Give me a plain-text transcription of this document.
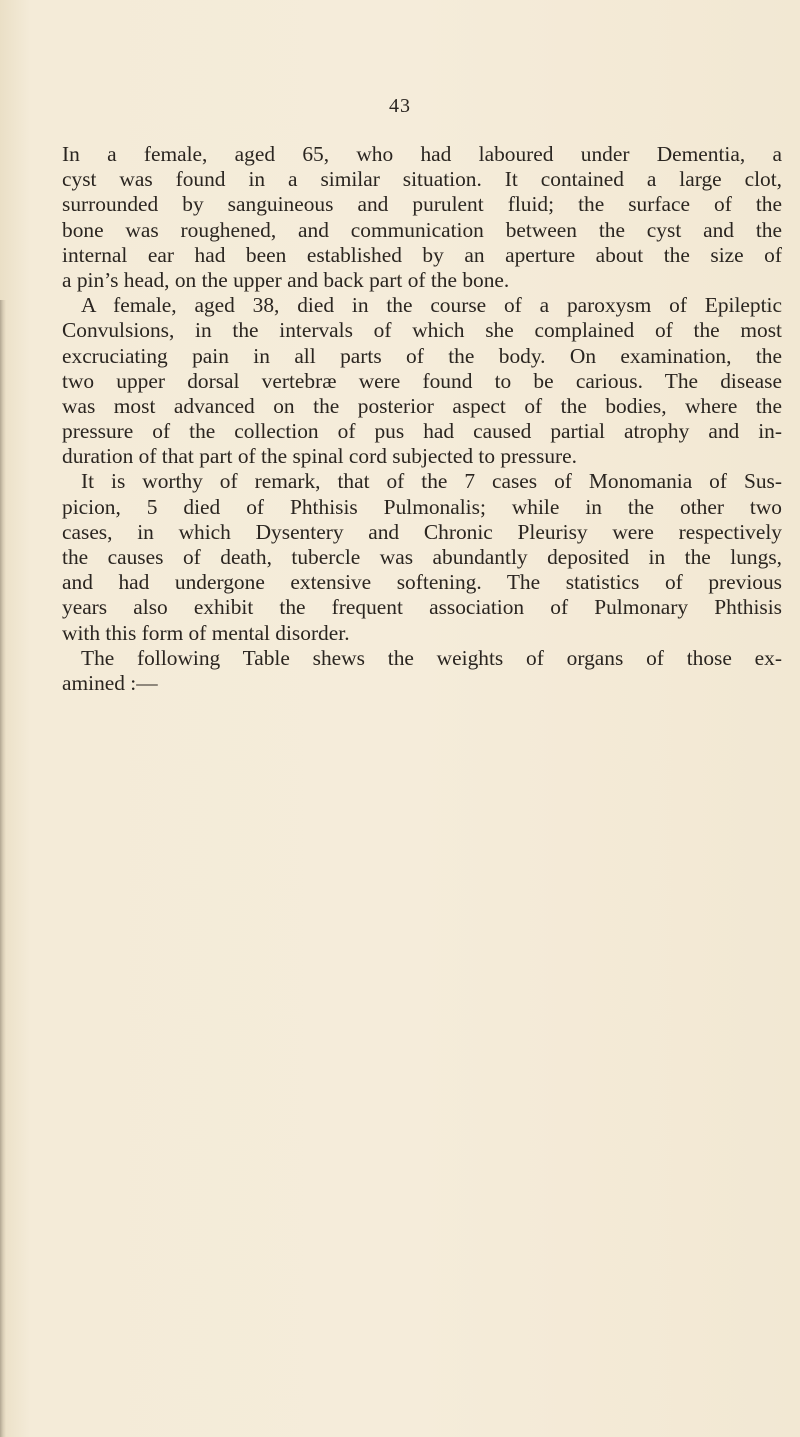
43
In a female, aged 65, who had laboured under Dementia, a
cyst was found in a similar situation. It contained a large clot,
surrounded by sanguineous and purulent fluid; the surface of the
bone was roughened, and communication between the cyst and the
internal ear had been established by an aperture about the size of
a pin’s head, on the upper and back part of the bone.
A female, aged 38, died in the course of a paroxysm of Epileptic
Convulsions, in the intervals of which she complained of the most
excruciating pain in all parts of the body. On examination, the
two upper dorsal vertebræ were found to be carious. The disease
was most advanced on the posterior aspect of the bodies, where the
pressure of the collection of pus had caused partial atrophy and in-
duration of that part of the spinal cord subjected to pressure.
It is worthy of remark, that of the 7 cases of Monomania of Sus-
picion, 5 died of Phthisis Pulmonalis; while in the other two
cases, in which Dysentery and Chronic Pleurisy were respectively
the causes of death, tubercle was abundantly deposited in the lungs,
and had undergone extensive softening. The statistics of previous
years also exhibit the frequent association of Pulmonary Phthisis
with this form of mental disorder.
The following Table shews the weights of organs of those ex-
amined :—
